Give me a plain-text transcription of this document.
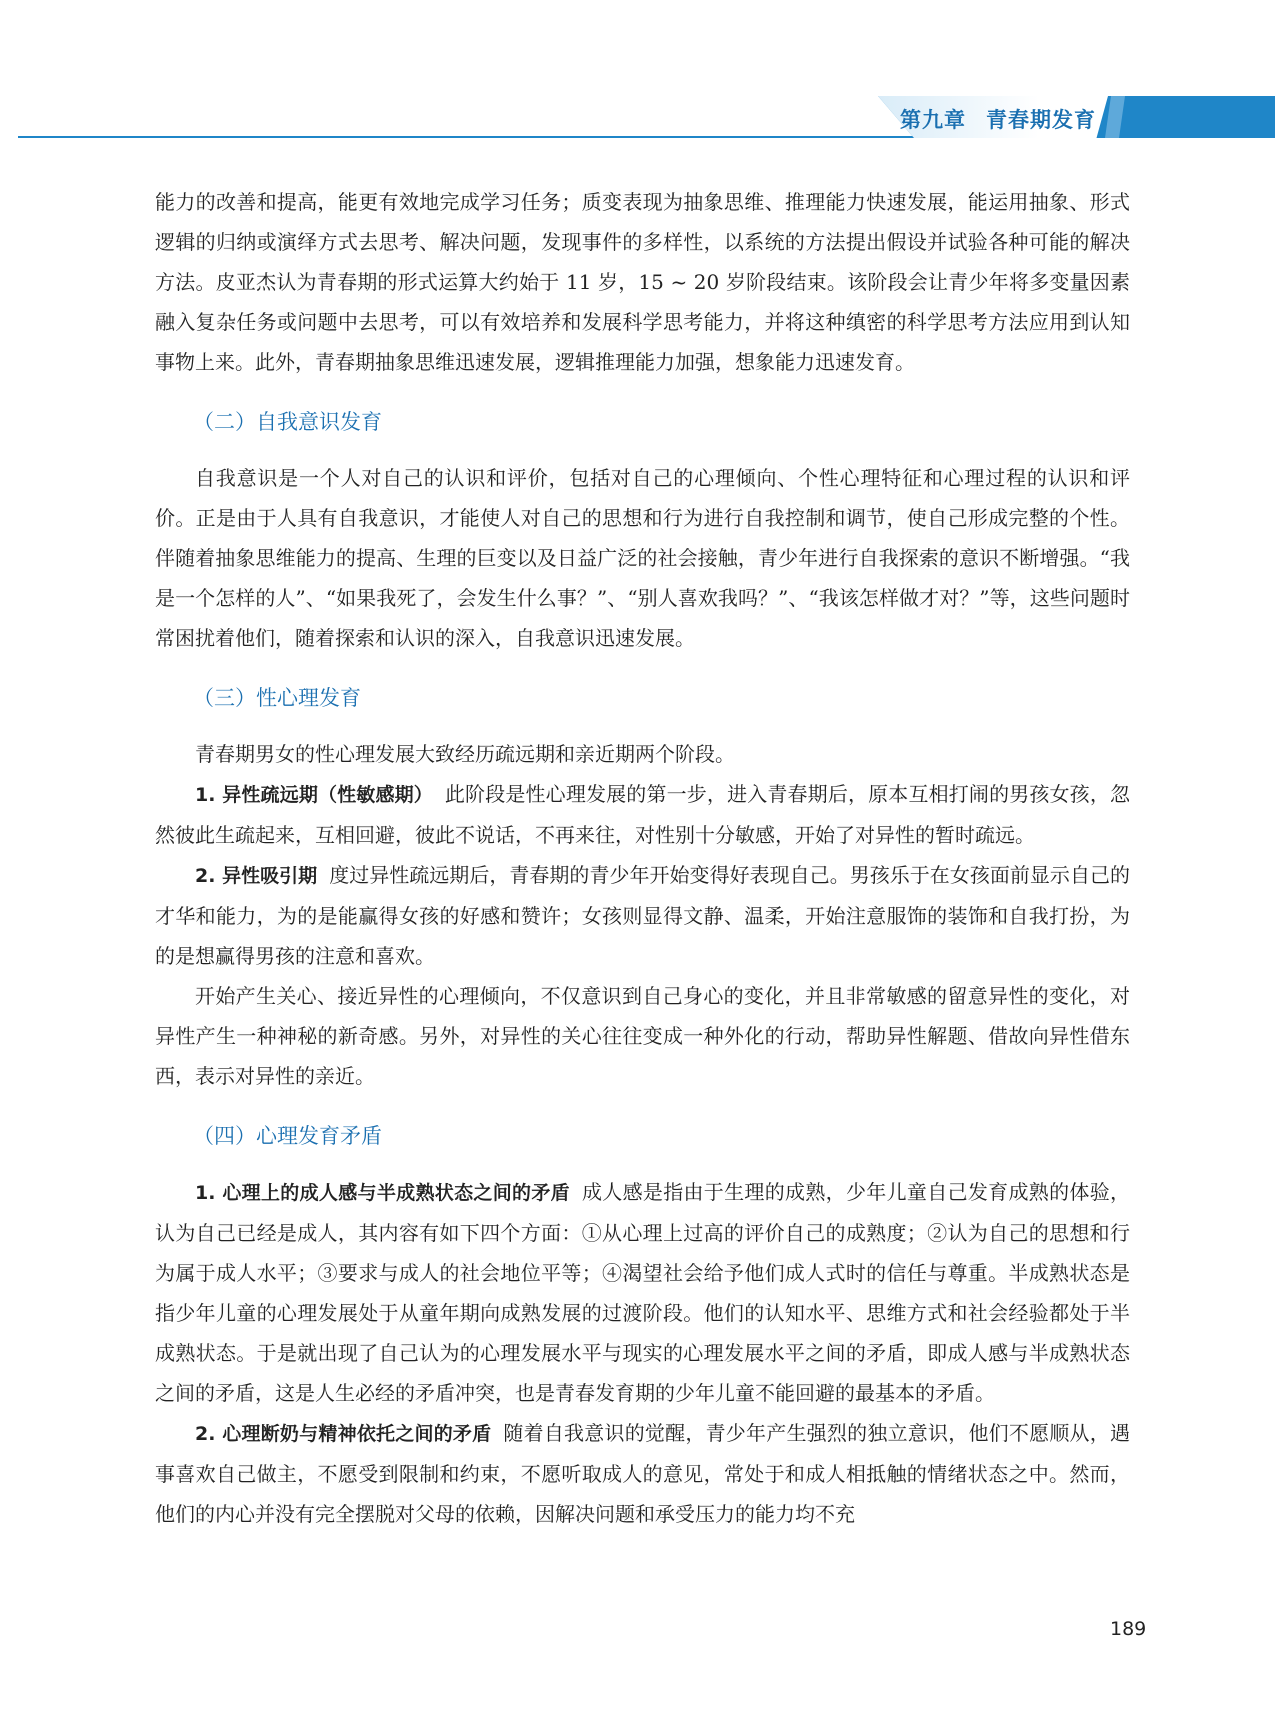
第九章 青春期发育

能力的改善和提高，能更有效地完成学习任务；质变表现为抽象思维、推理能力快速发展，能运用抽象、形式逻辑的归纳或演绎方式去思考、解决问题，发现事件的多样性，以系统的方法提出假设并试验各种可能的解决方法。皮亚杰认为青春期的形式运算大约始于 11 岁，15 ~ 20 岁阶段结束。该阶段会让青少年将多变量因素融入复杂任务或问题中去思考，可以有效培养和发展科学思考能力，并将这种缜密的科学思考方法应用到认知事物上来。此外，青春期抽象思维迅速发展，逻辑推理能力加强，想象能力迅速发育。

（二）自我意识发育

自我意识是一个人对自己的认识和评价，包括对自己的心理倾向、个性心理特征和心理过程的认识和评价。正是由于人具有自我意识，才能使人对自己的思想和行为进行自我控制和调节，使自己形成完整的个性。伴随着抽象思维能力的提高、生理的巨变以及日益广泛的社会接触，青少年进行自我探索的意识不断增强。“我是一个怎样的人”、“如果我死了，会发生什么事？”、“别人喜欢我吗？”、“我该怎样做才对？”等，这些问题时常困扰着他们，随着探索和认识的深入，自我意识迅速发展。

（三）性心理发育

青春期男女的性心理发展大致经历疏远期和亲近期两个阶段。

1. 异性疏远期（性敏感期） 此阶段是性心理发展的第一步，进入青春期后，原本互相打闹的男孩女孩，忽然彼此生疏起来，互相回避，彼此不说话，不再来往，对性别十分敏感，开始了对异性的暂时疏远。

2. 异性吸引期 度过异性疏远期后，青春期的青少年开始变得好表现自己。男孩乐于在女孩面前显示自己的才华和能力，为的是能赢得女孩的好感和赞许；女孩则显得文静、温柔，开始注意服饰的装饰和自我打扮，为的是想赢得男孩的注意和喜欢。

开始产生关心、接近异性的心理倾向，不仅意识到自己身心的变化，并且非常敏感的留意异性的变化，对异性产生一种神秘的新奇感。另外，对异性的关心往往变成一种外化的行动，帮助异性解题、借故向异性借东西，表示对异性的亲近。

（四）心理发育矛盾

1. 心理上的成人感与半成熟状态之间的矛盾 成人感是指由于生理的成熟，少年儿童自己发育成熟的体验，认为自己已经是成人，其内容有如下四个方面：①从心理上过高的评价自己的成熟度；②认为自己的思想和行为属于成人水平；③要求与成人的社会地位平等；④渴望社会给予他们成人式时的信任与尊重。半成熟状态是指少年儿童的心理发展处于从童年期向成熟发展的过渡阶段。他们的认知水平、思维方式和社会经验都处于半成熟状态。于是就出现了自己认为的心理发展水平与现实的心理发展水平之间的矛盾，即成人感与半成熟状态之间的矛盾，这是人生必经的矛盾冲突，也是青春发育期的少年儿童不能回避的最基本的矛盾。

2. 心理断奶与精神依托之间的矛盾 随着自我意识的觉醒，青少年产生强烈的独立意识，他们不愿顺从，遇事喜欢自己做主，不愿受到限制和约束，不愿听取成人的意见，常处于和成人相抵触的情绪状态之中。然而，他们的内心并没有完全摆脱对父母的依赖，因解决问题和承受压力的能力均不充

189
